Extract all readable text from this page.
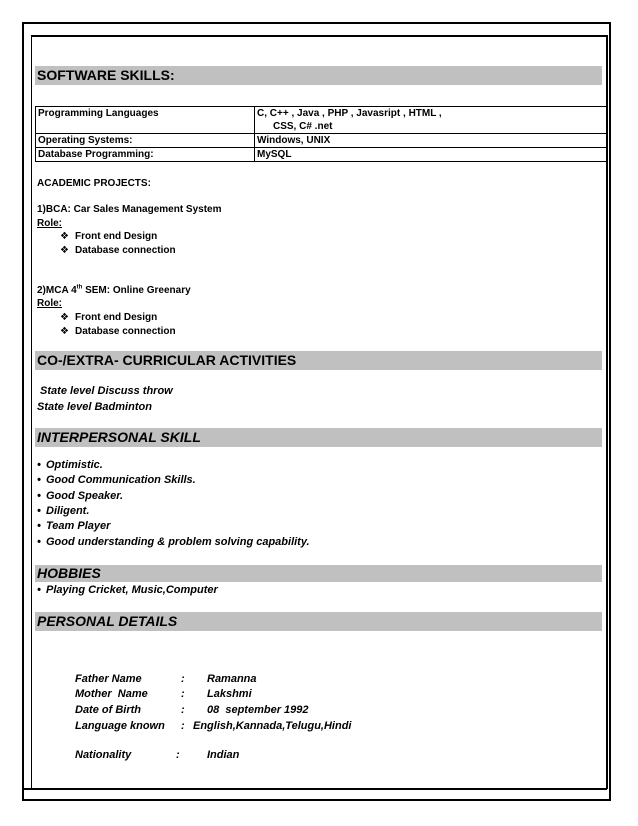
SOFTWARE SKILLS:
Programming Languages	C, C++ , Java , PHP , Javasript , HTML ,
CSS, C# .net

Operating Systems:	Windows, UNIX
Database Programming:	MySQL
ACADEMIC PROJECTS:
1)BCA: Car Sales Management System
Role:
❖ Front end Design
❖ Database connection
2)MCA 4th SEM: Online Greenary
Role:
❖ Front end Design
❖ Database connection
CO-/EXTRA- CURRICULAR ACTIVITIES
State level Discuss throw
State level Badminton
INTERPERSONAL SKILL
• Optimistic.
• Good Communication Skills.
• Good Speaker.
• Diligent.
• Team Player
• Good understanding & problem solving capability.
HOBBIES
• Playing Cricket, Music,Computer
PERSONAL DETAILS
Father Name	: Ramanna
Mother  Name	: Lakshmi
Date of Birth	: 08  september 1992
Language known : English,Kannada,Telugu,Hindi
Nationality	: Indian
